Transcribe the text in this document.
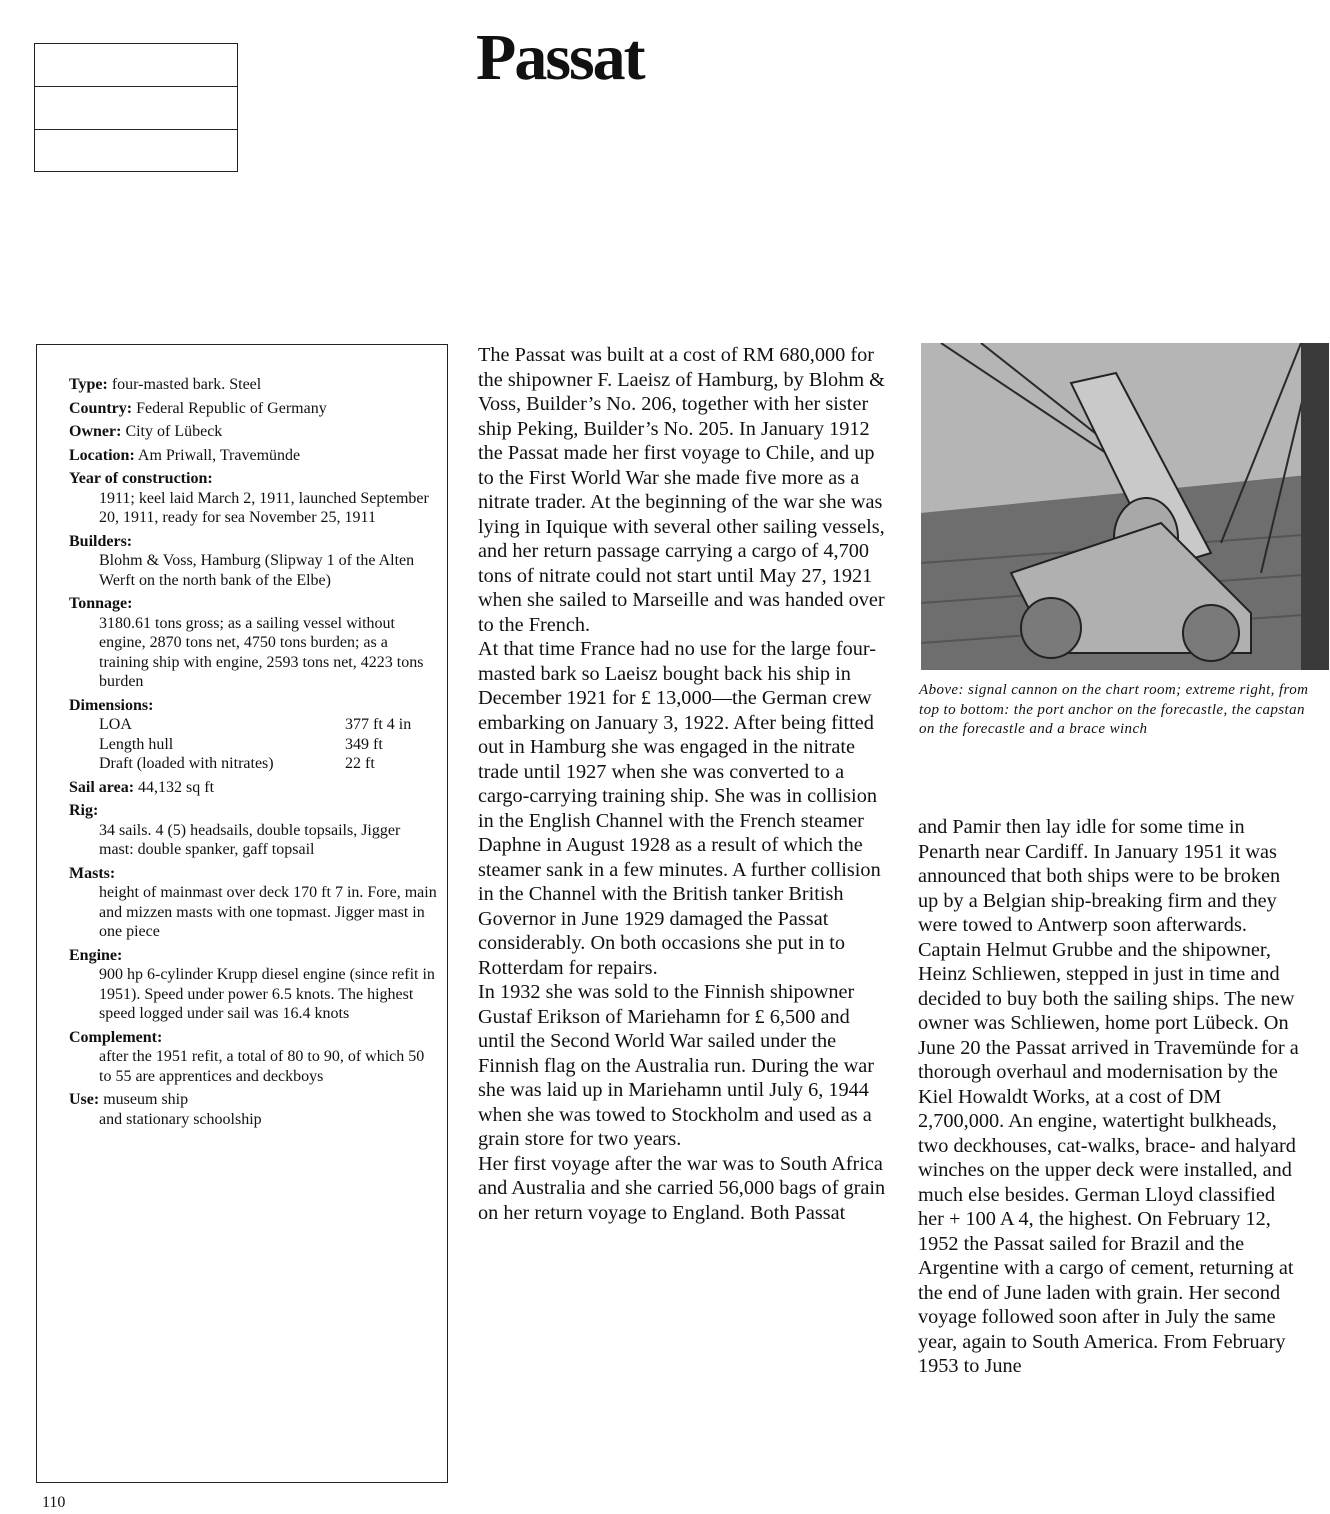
Passat
Type: four-masted bark. Steel
Country: Federal Republic of Germany
Owner: City of Lübeck
Location: Am Priwall, Travemünde
Year of construction:
1911; keel laid March 2, 1911, launched September 20, 1911, ready for sea November 25, 1911
Builders:
Blohm & Voss, Hamburg (Slipway 1 of the Alten Werft on the north bank of the Elbe)
Tonnage:
3180.61 tons gross; as a sailing vessel without engine, 2870 tons net, 4750 tons burden; as a training ship with engine, 2593 tons net, 4223 tons burden
Dimensions:
LOA	377 ft 4 in
Length hull	349 ft
Draft (loaded with nitrates)	22 ft
Sail area: 44,132 sq ft
Rig:
34 sails. 4 (5) headsails, double topsails, Jigger mast: double spanker, gaff topsail
Masts:
height of mainmast over deck 170 ft 7 in. Fore, main and mizzen masts with one topmast. Jigger mast in one piece
Engine:
900 hp 6-cylinder Krupp diesel engine (since refit in 1951). Speed under power 6.5 knots. The highest speed logged under sail was 16.4 knots
Complement:
after the 1951 refit, a total of 80 to 90, of which 50 to 55 are apprentices and deckboys
Use: museum ship
and stationary schoolship

The Passat was built at a cost of RM 680,000 for the shipowner F. Laeisz of Hamburg, by Blohm & Voss, Builder’s No. 206, together with her sister ship Peking, Builder’s No. 205. In January 1912 the Passat made her first voyage to Chile, and up to the First World War she made five more as a nitrate trader. At the beginning of the war she was lying in Iquique with several other sailing vessels, and her return passage carrying a cargo of 4,700 tons of nitrate could not start until May 27, 1921 when she sailed to Marseille and was handed over to the French.

At that time France had no use for the large four-masted bark so Laeisz bought back his ship in December 1921 for £ 13,000—the German crew embarking on January 3, 1922. After being fitted out in Hamburg she was engaged in the nitrate trade until 1927 when she was converted to a cargo-carrying training ship. She was in collision in the English Channel with the French steamer Daphne in August 1928 as a result of which the steamer sank in a few minutes. A further collision in the Channel with the British tanker British Governor in June 1929 damaged the Passat considerably. On both occasions she put in to Rotterdam for repairs.

In 1932 she was sold to the Finnish shipowner Gustaf Erikson of Mariehamn for £ 6,500 and until the Second World War sailed under the Finnish flag on the Australia run. During the war she was laid up in Mariehamn until July 6, 1944 when she was towed to Stockholm and used as a grain store for two years.

Her first voyage after the war was to South Africa and Australia and she carried 56,000 bags of grain on her return voyage to England. Both Passat

Above: signal cannon on the chart room; extreme right, from top to bottom: the port anchor on the forecastle, the capstan on the forecastle and a brace winch

and Pamir then lay idle for some time in Penarth near Cardiff. In January 1951 it was announced that both ships were to be broken up by a Belgian ship-breaking firm and they were towed to Antwerp soon afterwards. Captain Helmut Grubbe and the shipowner, Heinz Schliewen, stepped in just in time and decided to buy both the sailing ships. The new owner was Schliewen, home port Lübeck. On June 20 the Passat arrived in Travemünde for a thorough overhaul and modernisation by the Kiel Howaldt Works, at a cost of DM 2,700,000. An engine, watertight bulkheads, two deckhouses, cat-walks, brace- and halyard winches on the upper deck were installed, and much else besides. German Lloyd classified her + 100 A 4, the highest. On February 12, 1952 the Passat sailed for Brazil and the Argentine with a cargo of cement, returning at the end of June laden with grain. Her second voyage followed soon after in July the same year, again to South America. From February 1953 to June

110
